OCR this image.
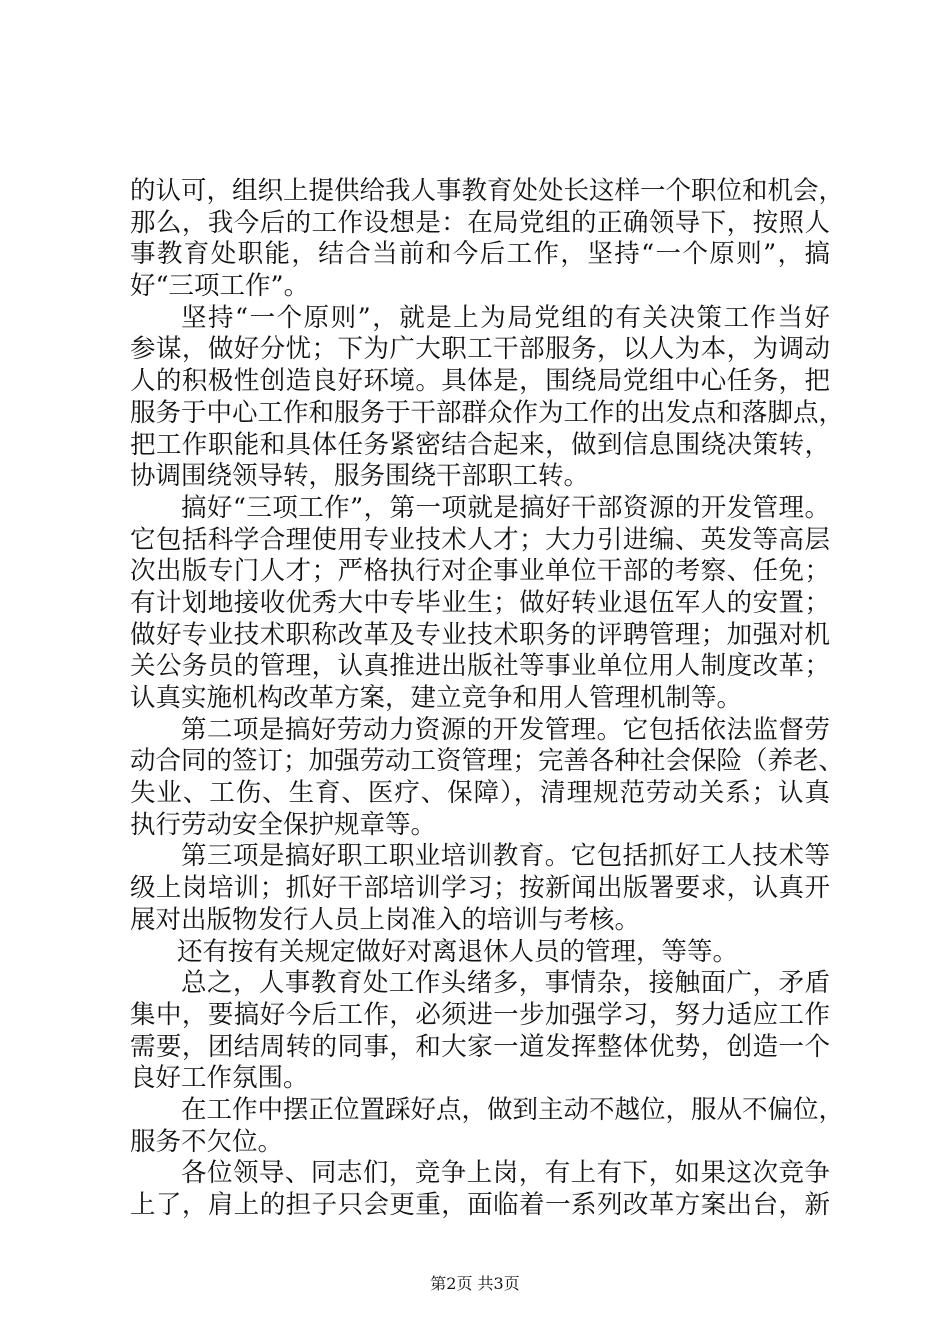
的认可，组织上提供给我人事教育处处长这样一个职位和机会，
那么，我今后的工作设想是：在局党组的正确领导下，按照人
事教育处职能，结合当前和今后工作，坚持“一个原则”，搞
好“三项工作”。
坚持“一个原则”，就是上为局党组的有关决策工作当好
参谋，做好分忧；下为广大职工干部服务，以人为本，为调动
人的积极性创造良好环境。具体是，围绕局党组中心任务，把
服务于中心工作和服务于干部群众作为工作的出发点和落脚点，
把工作职能和具体任务紧密结合起来，做到信息围绕决策转，
协调围绕领导转，服务围绕干部职工转。
搞好“三项工作”，第一项就是搞好干部资源的开发管理。
它包括科学合理使用专业技术人才；大力引进编、英发等高层
次出版专门人才；严格执行对企事业单位干部的考察、任免；
有计划地接收优秀大中专毕业生；做好转业退伍军人的安置；
做好专业技术职称改革及专业技术职务的评聘管理；加强对机
关公务员的管理，认真推进出版社等事业单位用人制度改革；
认真实施机构改革方案，建立竞争和用人管理机制等。
第二项是搞好劳动力资源的开发管理。它包括依法监督劳
动合同的签订；加强劳动工资管理；完善各种社会保险（养老、
失业、工伤、生育、医疗、保障），清理规范劳动关系；认真
执行劳动安全保护规章等。
第三项是搞好职工职业培训教育。它包括抓好工人技术等
级上岗培训；抓好干部培训学习；按新闻出版署要求，认真开
展对出版物发行人员上岗准入的培训与考核。
还有按有关规定做好对离退休人员的管理，等等。
总之，人事教育处工作头绪多，事情杂，接触面广，矛盾
集中，要搞好今后工作，必须进一步加强学习，努力适应工作
需要，团结周转的同事，和大家一道发挥整体优势，创造一个
良好工作氛围。
在工作中摆正位置踩好点，做到主动不越位，服从不偏位，
服务不欠位。
各位领导、同志们，竞争上岗，有上有下，如果这次竞争
上了，肩上的担子只会更重，面临着一系列改革方案出台，新
第2页 共3页
